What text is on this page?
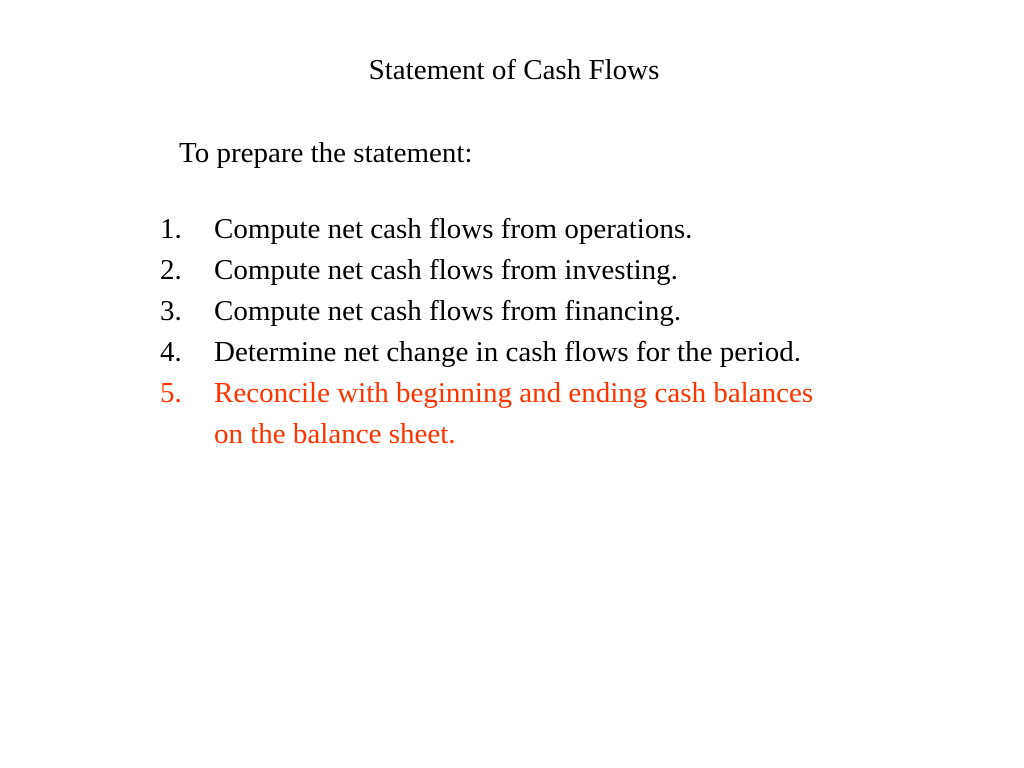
Statement of Cash Flows
To prepare the statement:
1. Compute net cash flows from operations.
2. Compute net cash flows from investing.
3. Compute net cash flows from financing.
4. Determine net change in cash flows for the period.
5. Reconcile with beginning and ending cash balances on the balance sheet.
